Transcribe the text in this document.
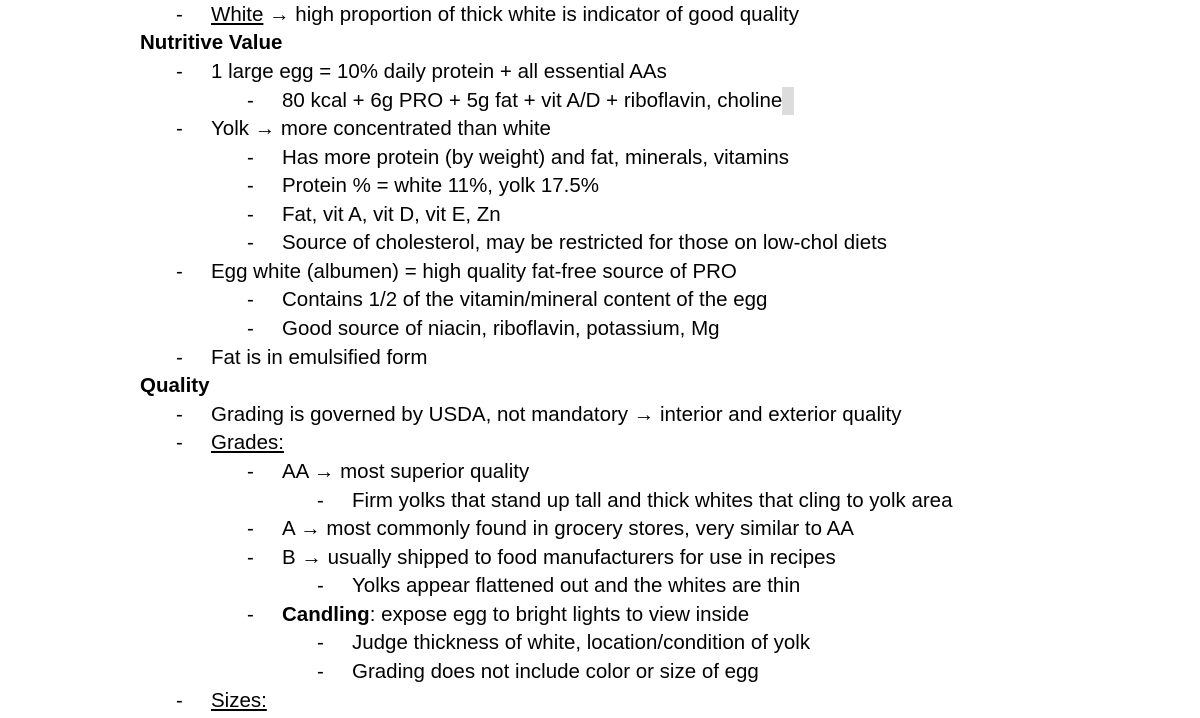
- White → high proportion of thick white is indicator of good quality
Nutritive Value
- 1 large egg = 10% daily protein + all essential AAs
- 80 kcal + 6g PRO + 5g fat + vit A/D + riboflavin, choline
- Yolk → more concentrated than white
- Has more protein (by weight) and fat, minerals, vitamins
- Protein % = white 11%, yolk 17.5%
- Fat, vit A, vit D, vit E, Zn
- Source of cholesterol, may be restricted for those on low-chol diets
- Egg white (albumen) = high quality fat-free source of PRO
- Contains 1/2 of the vitamin/mineral content of the egg
- Good source of niacin, riboflavin, potassium, Mg
- Fat is in emulsified form
Quality
- Grading is governed by USDA, not mandatory → interior and exterior quality
- Grades:
- AA → most superior quality
- Firm yolks that stand up tall and thick whites that cling to yolk area
- A → most commonly found in grocery stores, very similar to AA
- B → usually shipped to food manufacturers for use in recipes
- Yolks appear flattened out and the whites are thin
- Candling: expose egg to bright lights to view inside
- Judge thickness of white, location/condition of yolk
- Grading does not include color or size of egg
- Sizes:
